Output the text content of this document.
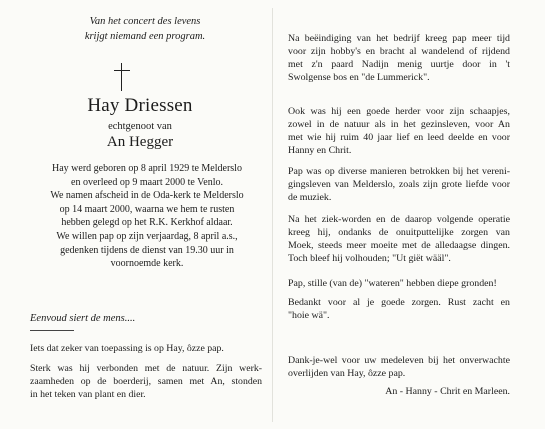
Van het concert des levens
krijgt niemand een program.
Hay Driessen
echtgenoot van
An Hegger
Hay werd geboren op 8 april 1929 te Melderslo
en overleed op 9 maart 2000 te Venlo.
We namen afscheid in de Oda-kerk te Melderslo
op 14 maart 2000, waarna we hem te rusten
hebben gelegd op het R.K. Kerkhof aldaar.
We willen pap op zijn verjaardag, 8 april a.s.,
gedenken tijdens de dienst van 19.30 uur in
voornoemde kerk.
Eenvoud siert de mens....

Iets dat zeker van toepassing is op Hay, ôzze pap.

Sterk was hij verbonden met de natuur. Zijn werk-
zaamheden op de boerderij, samen met An, stonden
in het teken van plant en dier.

Na beëindiging van het bedrijf kreeg pap meer tijd
voor zijn hobby's en bracht al wandelend of rijdend
met z'n paard Nadijn menig uurtje door in 't
Swolgense bos en "de Lummerick".
Ook was hij een goede herder voor zijn schaapjes,
zowel in de natuur als in het gezinsleven, voor An
met wie hij ruim 40 jaar lief en leed deelde en voor
Hanny en Chrit.
Pap was op diverse manieren betrokken bij het vereni-
gingsleven van Melderslo, zoals zijn grote liefde voor
de muziek.
Na het ziek-worden en de daarop volgende operatie
kreeg hij, ondanks de onuitputtelijke zorgen van
Moek, steeds meer moeite met de alledaagse dingen.
Toch bleef hij volhouden; "Ut giët wääl".
Pap, stille (van de) "wateren" hebben diepe gronden!
Bedankt voor al je goede zorgen. Rust zacht en
"hoie wä".
Dank-je-wel voor uw medeleven bij het onverwachte
overlijden van Hay, ôzze pap.
An - Hanny - Chrit en Marleen.
